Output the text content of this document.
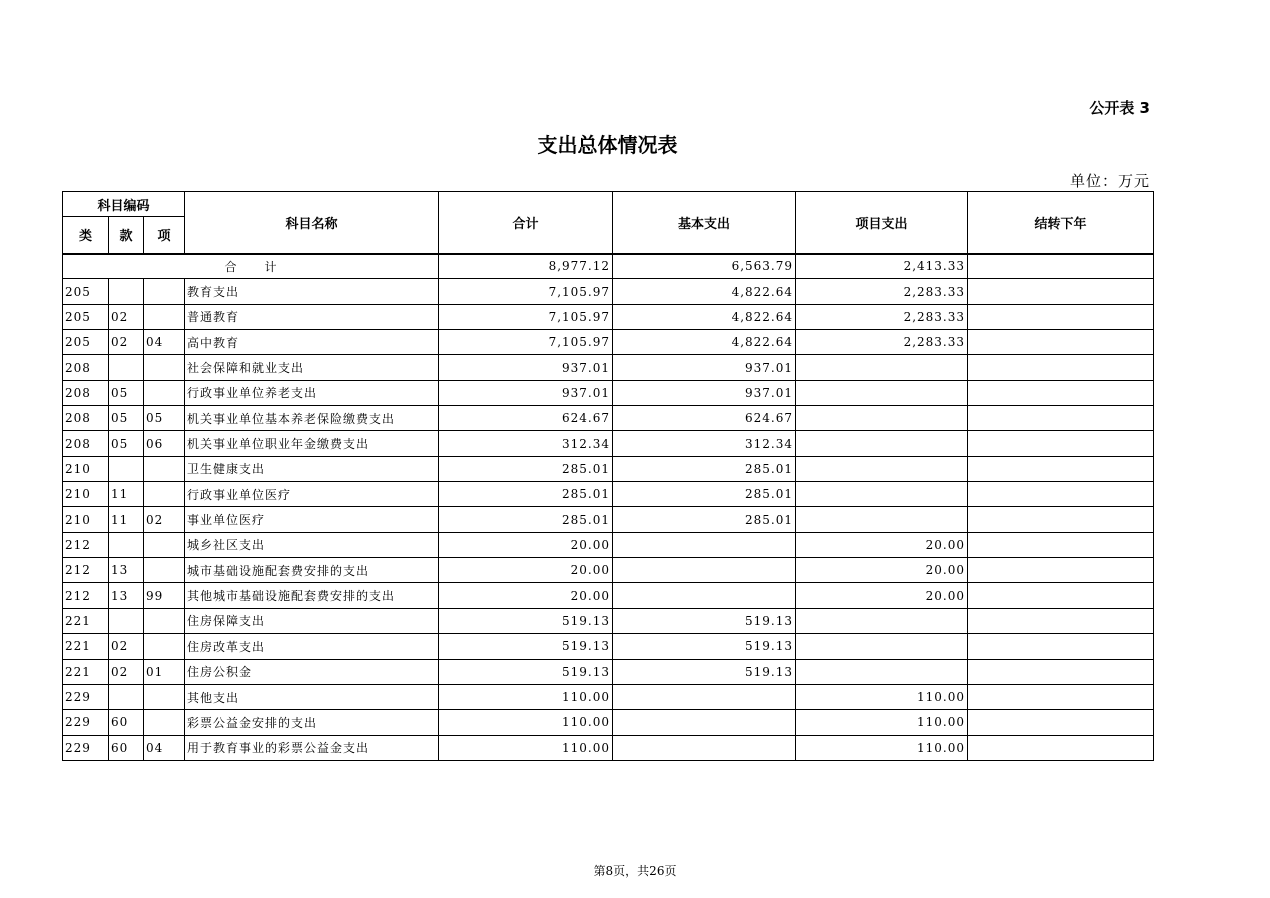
公开表 3
支出总体情况表
单位：万元
科目编码			科目名称	合计	基本支出	项目支出	结转下年
类	款	项					
合计				8,977.12	6,563.79	2,413.33	
205			教育支出	7,105.97	4,822.64	2,283.33	
205	02		普通教育	7,105.97	4,822.64	2,283.33	
205	02	04	高中教育	7,105.97	4,822.64	2,283.33	
208			社会保障和就业支出	937.01	937.01		
208	05		行政事业单位养老支出	937.01	937.01		
208	05	05	机关事业单位基本养老保险缴费支出	624.67	624.67		
208	05	06	机关事业单位职业年金缴费支出	312.34	312.34		
210			卫生健康支出	285.01	285.01		
210	11		行政事业单位医疗	285.01	285.01		
210	11	02	事业单位医疗	285.01	285.01		
212			城乡社区支出	20.00		20.00	
212	13		城市基础设施配套费安排的支出	20.00		20.00	
212	13	99	其他城市基础设施配套费安排的支出	20.00		20.00	
221			住房保障支出	519.13	519.13		
221	02		住房改革支出	519.13	519.13		
221	02	01	住房公积金	519.13	519.13		
229			其他支出	110.00		110.00	
229	60		彩票公益金安排的支出	110.00		110.00	
229	60	04	用于教育事业的彩票公益金支出	110.00		110.00	
第8页，共26页
